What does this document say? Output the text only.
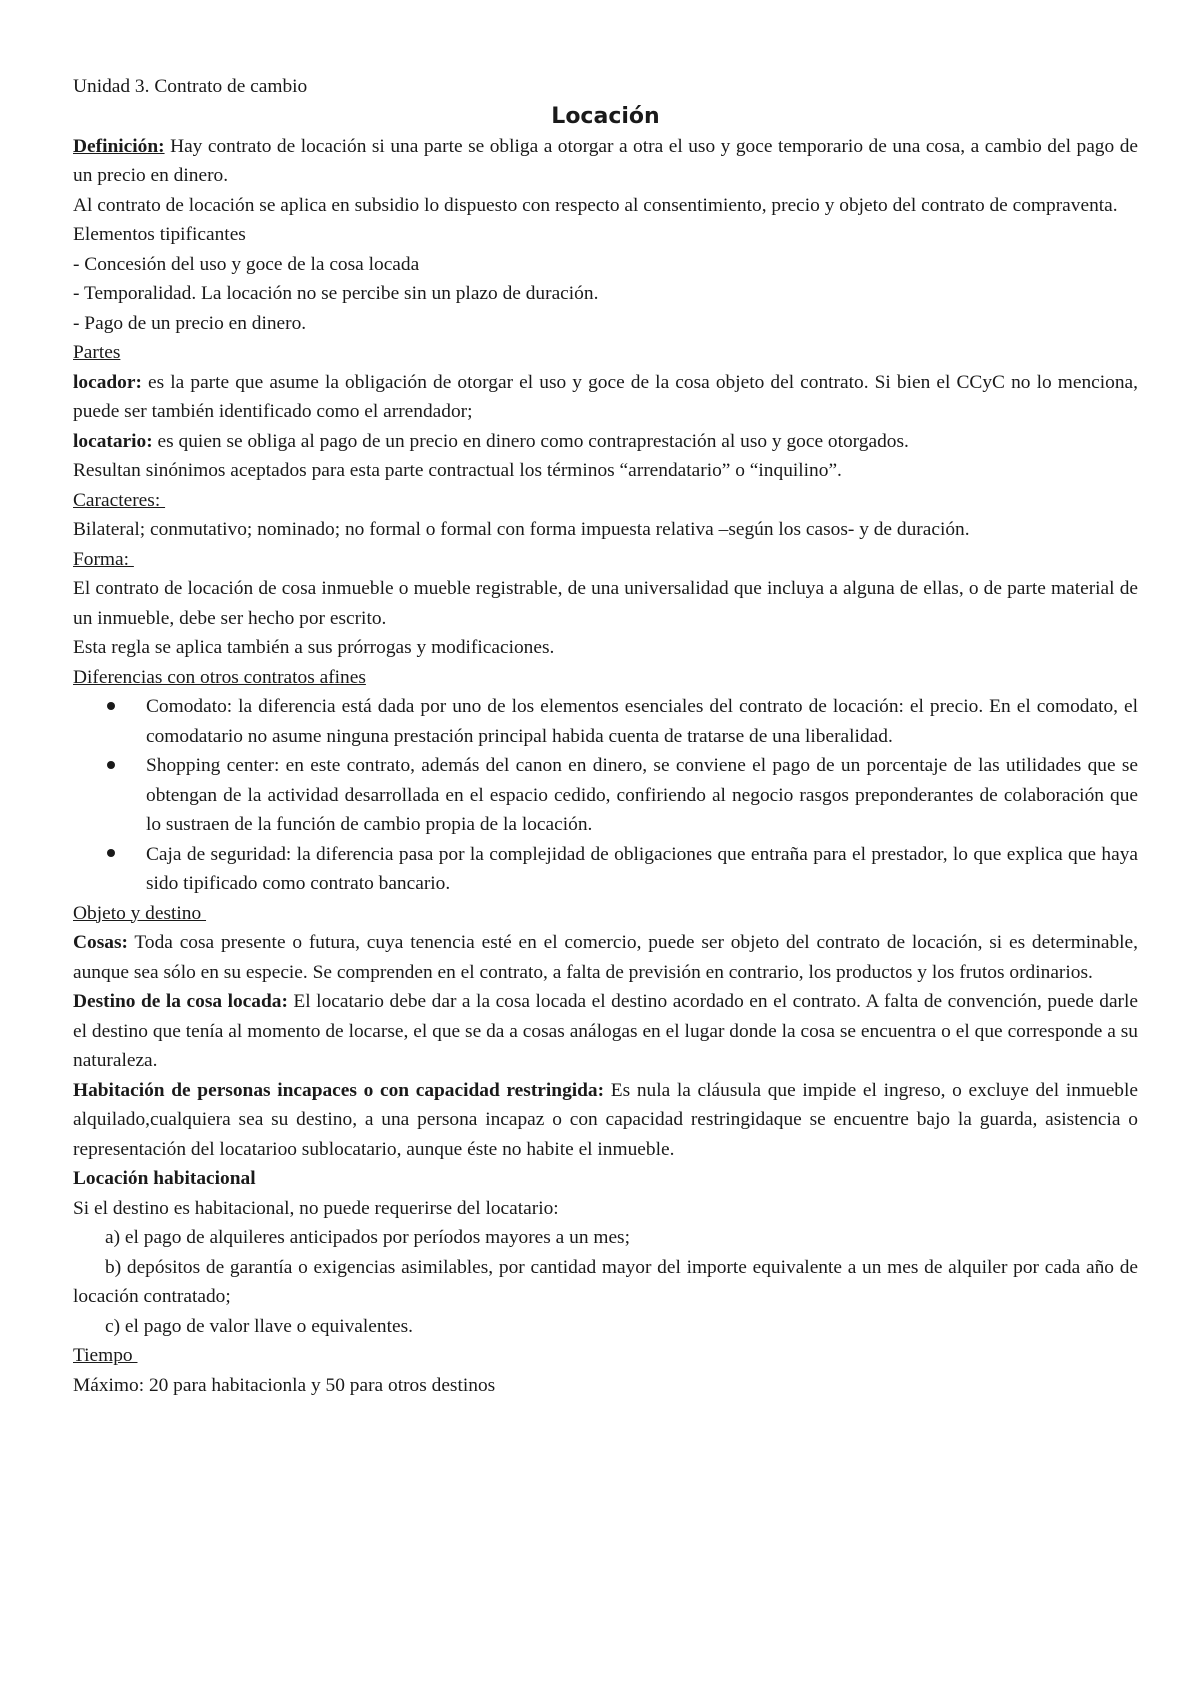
Unidad 3. Contrato de cambio

Locación

Definición: Hay contrato de locación si una parte se obliga a otorgar a otra el uso y goce temporario de una cosa, a cambio del pago de un precio en dinero.

Al contrato de locación se aplica en subsidio lo dispuesto con respecto al consentimiento, precio y objeto del contrato de compraventa.

Elementos tipificantes

- Concesión del uso y goce de la cosa locada

- Temporalidad. La locación no se percibe sin un plazo de duración.

- Pago de un precio en dinero.

Partes

locador: es la parte que asume la obligación de otorgar el uso y goce de la cosa objeto del contrato. Si bien el CCyC no lo menciona, puede ser también identificado como el arrendador;

locatario: es quien se obliga al pago de un precio en dinero como contraprestación al uso y goce otorgados.

Resultan sinónimos aceptados para esta parte contractual los términos “arrendatario” o “inquilino”.

Caracteres:

Bilateral; conmutativo; nominado; no formal o formal con forma impuesta relativa –según los casos- y de duración.

Forma:

El contrato de locación de cosa inmueble o mueble registrable, de una universalidad que incluya a alguna de ellas, o de parte material de un inmueble, debe ser hecho por escrito.

Esta regla se aplica también a sus prórrogas y modificaciones.

Diferencias con otros contratos afines

Comodato: la diferencia está dada por uno de los elementos esenciales del contrato de locación: el precio. En el comodato, el comodatario no asume ninguna prestación principal habida cuenta de tratarse de una liberalidad.
Shopping center: en este contrato, además del canon en dinero, se conviene el pago de un porcentaje de las utilidades que se obtengan de la actividad desarrollada en el espacio cedido, confiriendo al negocio rasgos preponderantes de colaboración que lo sustraen de la función de cambio propia de la locación.
Caja de seguridad: la diferencia pasa por la complejidad de obligaciones que entraña para el prestador, lo que explica que haya sido tipificado como contrato bancario.

Objeto y destino

Cosas: Toda cosa presente o futura, cuya tenencia esté en el comercio, puede ser objeto del contrato de locación, si es determinable, aunque sea sólo en su especie. Se comprenden en el contrato, a falta de previsión en contrario, los productos y los frutos ordinarios.

Destino de la cosa locada: El locatario debe dar a la cosa locada el destino acordado en el contrato. A falta de convención, puede darle el destino que tenía al momento de locarse, el que se da a cosas análogas en el lugar donde la cosa se encuentra o el que corresponde a su naturaleza.

Habitación de personas incapaces o con capacidad restringida: Es nula la cláusula que impide el ingreso, o excluye del inmueble alquilado,cualquiera sea su destino, a una persona incapaz o con capacidad restringidaque se encuentre bajo la guarda, asistencia o representación del locatarioo sublocatario, aunque éste no habite el inmueble.

Locación habitacional

Si el destino es habitacional, no puede requerirse del locatario:

a) el pago de alquileres anticipados por períodos mayores a un mes;

b) depósitos de garantía o exigencias asimilables, por cantidad mayor del importe equivalente a un mes de alquiler por cada año de locación contratado;

c) el pago de valor llave o equivalentes.

Tiempo

Máximo: 20 para habitacionla y 50 para otros destinos
